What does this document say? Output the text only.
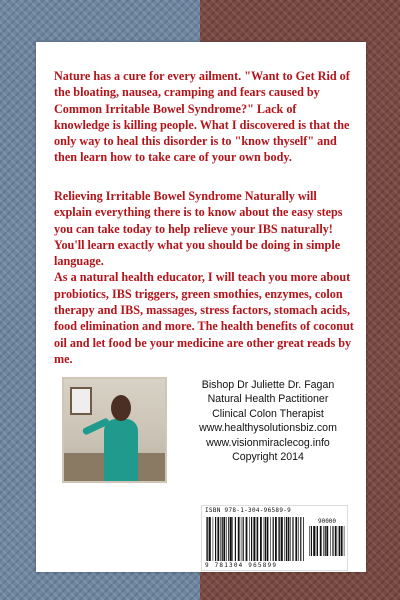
Nature has a cure for every ailment. "Want to Get Rid of the bloating, nausea, cramping and fears caused by Common Irritable Bowel Syndrome?" Lack of knowledge is killing people. What I discovered is that the only way to heal this disorder is to "know thyself" and then learn how to take care of your own body.
Relieving Irritable Bowel Syndrome Naturally will explain everything there is to know about the easy steps you can take today to help relieve your IBS naturally! You'll learn exactly what you should be doing in simple language.
As a natural health educator, I will teach you more about probiotics, IBS triggers, green smothies, enzymes, colon therapy and IBS, massages, stress factors, stomach acids, food elimination and more. The health benefits of coconut oil and let food be your medicine are other great reads by me.
Bishop Dr Juliette Dr. Fagan
Natural Health Pactitioner
Clinical Colon Therapist
www.healthysolutionsbiz.com
www.visionmiraclecog.info
Copyright 2014
ISBN 978-1-304-96589-9
90000
9 781304 965899
